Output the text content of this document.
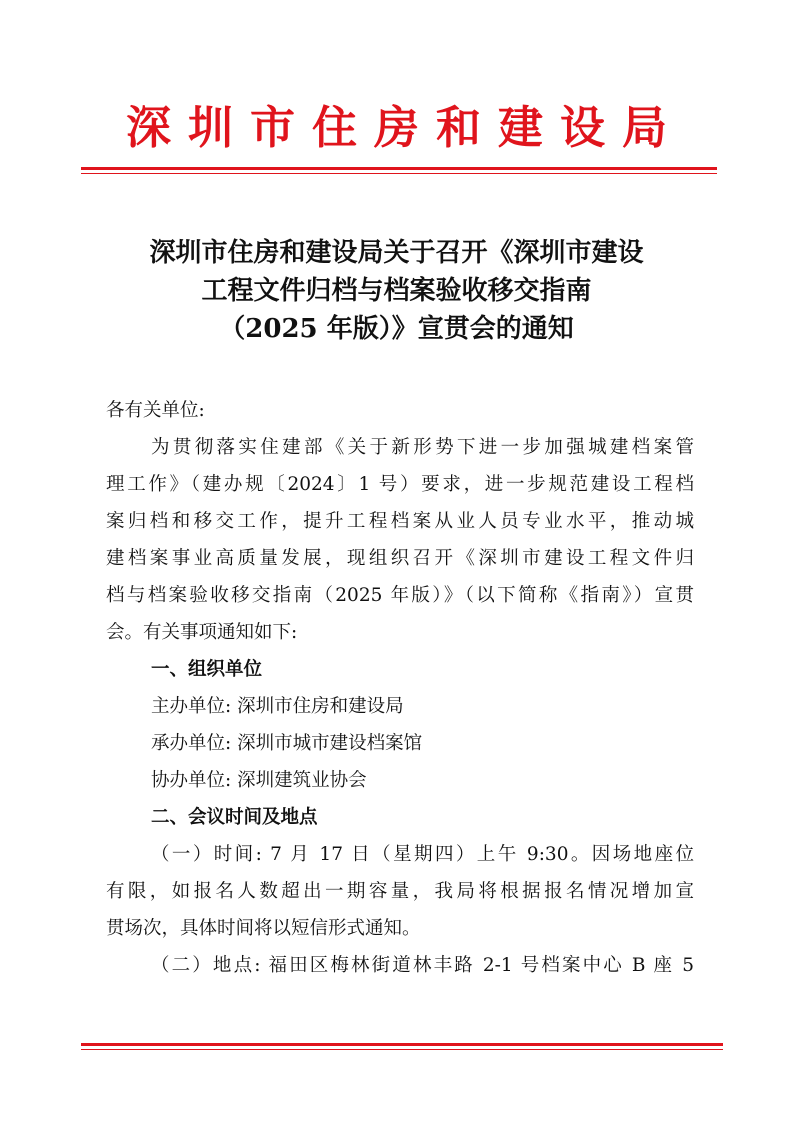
深圳市住房和建设局
深圳市住房和建设局关于召开《深圳市建设
工程文件归档与档案验收移交指南
（2025 年版）》宣贯会的通知

各有关单位:

为贯彻落实住建部《关于新形势下进一步加强城建档案管

理工作》（建办规〔2024〕1 号）要求，进一步规范建设工程档

案归档和移交工作，提升工程档案从业人员专业水平，推动城

建档案事业高质量发展，现组织召开《深圳市建设工程文件归

档与档案验收移交指南（2025 年版）》（以下简称《指南》）宣贯

会。有关事项通知如下:

一、组织单位

主办单位: 深圳市住房和建设局

承办单位: 深圳市城市建设档案馆

协办单位: 深圳建筑业协会

二、会议时间及地点

（一）时间: 7 月 17 日（星期四）上午 9:30。因场地座位

有限，如报名人数超出一期容量，我局将根据报名情况增加宣

贯场次，具体时间将以短信形式通知。

（二）地点: 福田区梅林街道林丰路 2-1 号档案中心 B 座 5
